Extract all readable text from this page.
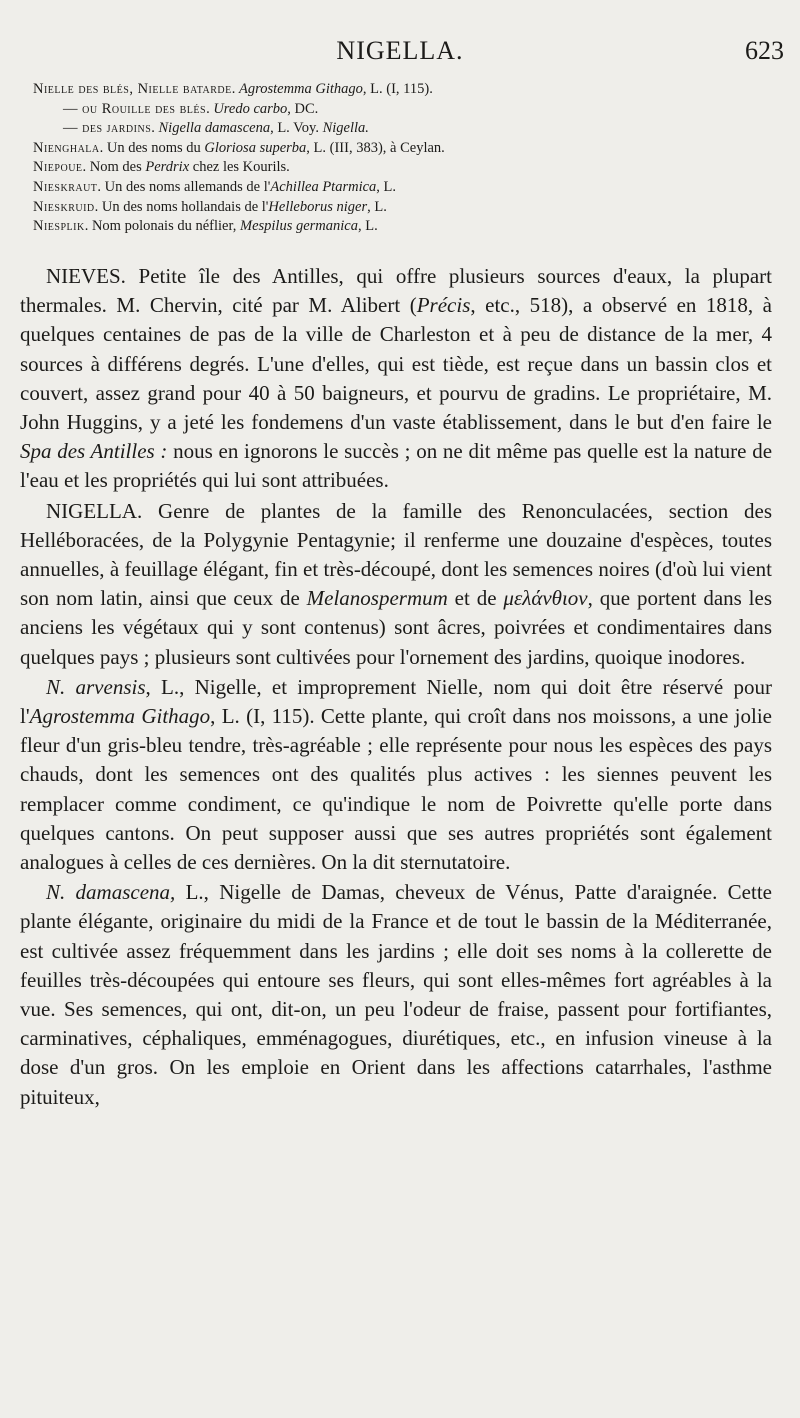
NIGELLA.	623
Nielle des blés, Nielle batarde. Agrostemma Githago, L. (I, 115).
— ou Rouille des blés. Uredo carbo, DC.
— des jardins. Nigella damascena, L. Voy. Nigella.
Nienghala. Un des noms du Gloriosa superba, L. (III, 383), à Ceylan.
Niepoue. Nom des Perdrix chez les Kourils.
Nieskraut. Un des noms allemands de l'Achillea Ptarmica, L.
Nieskruid. Un des noms hollandais de l'Helleborus niger, L.
Niesplik. Nom polonais du néflier, Mespilus germanica, L.

NIEVES. Petite île des Antilles, qui offre plusieurs sources d'eaux, la plupart thermales. M. Chervin, cité par M. Alibert (Précis, etc., 518), a observé en 1818, à quelques centaines de pas de la ville de Charleston et à peu de distance de la mer, 4 sources à différens degrés. L'une d'elles, qui est tiède, est reçue dans un bassin clos et couvert, assez grand pour 40 à 50 baigneurs, et pourvu de gradins. Le propriétaire, M. John Huggins, y a jeté les fondemens d'un vaste établissement, dans le but d'en faire le Spa des Antilles : nous en ignorons le succès ; on ne dit même pas quelle est la nature de l'eau et les propriétés qui lui sont attribuées.

NIGELLA. Genre de plantes de la famille des Renonculacées, section des Helléboracées, de la Polygynie Pentagynie; il renferme une douzaine d'espèces, toutes annuelles, à feuillage élégant, fin et très-découpé, dont les semences noires (d'où lui vient son nom latin, ainsi que ceux de Melanospermum et de μελάνθιον, que portent dans les anciens les végétaux qui y sont contenus) sont âcres, poivrées et condimentaires dans quelques pays ; plusieurs sont cultivées pour l'ornement des jardins, quoique inodores.

N. arvensis, L., Nigelle, et improprement Nielle, nom qui doit être réservé pour l'Agrostemma Githago, L. (I, 115). Cette plante, qui croît dans nos moissons, a une jolie fleur d'un gris-bleu tendre, très-agréable ; elle représente pour nous les espèces des pays chauds, dont les semences ont des qualités plus actives : les siennes peuvent les remplacer comme condiment, ce qu'indique le nom de Poivrette qu'elle porte dans quelques cantons. On peut supposer aussi que ses autres propriétés sont également analogues à celles de ces dernières. On la dit sternutatoire.

N. damascena, L., Nigelle de Damas, cheveux de Vénus, Patte d'araignée. Cette plante élégante, originaire du midi de la France et de tout le bassin de la Méditerranée, est cultivée assez fréquemment dans les jardins ; elle doit ses noms à la collerette de feuilles très-découpées qui entoure ses fleurs, qui sont elles-mêmes fort agréables à la vue. Ses semences, qui ont, dit-on, un peu l'odeur de fraise, passent pour fortifiantes, carminatives, céphaliques, emménagogues, diurétiques, etc., en infusion vineuse à la dose d'un gros. On les emploie en Orient dans les affections catarrhales, l'asthme pituiteux,
